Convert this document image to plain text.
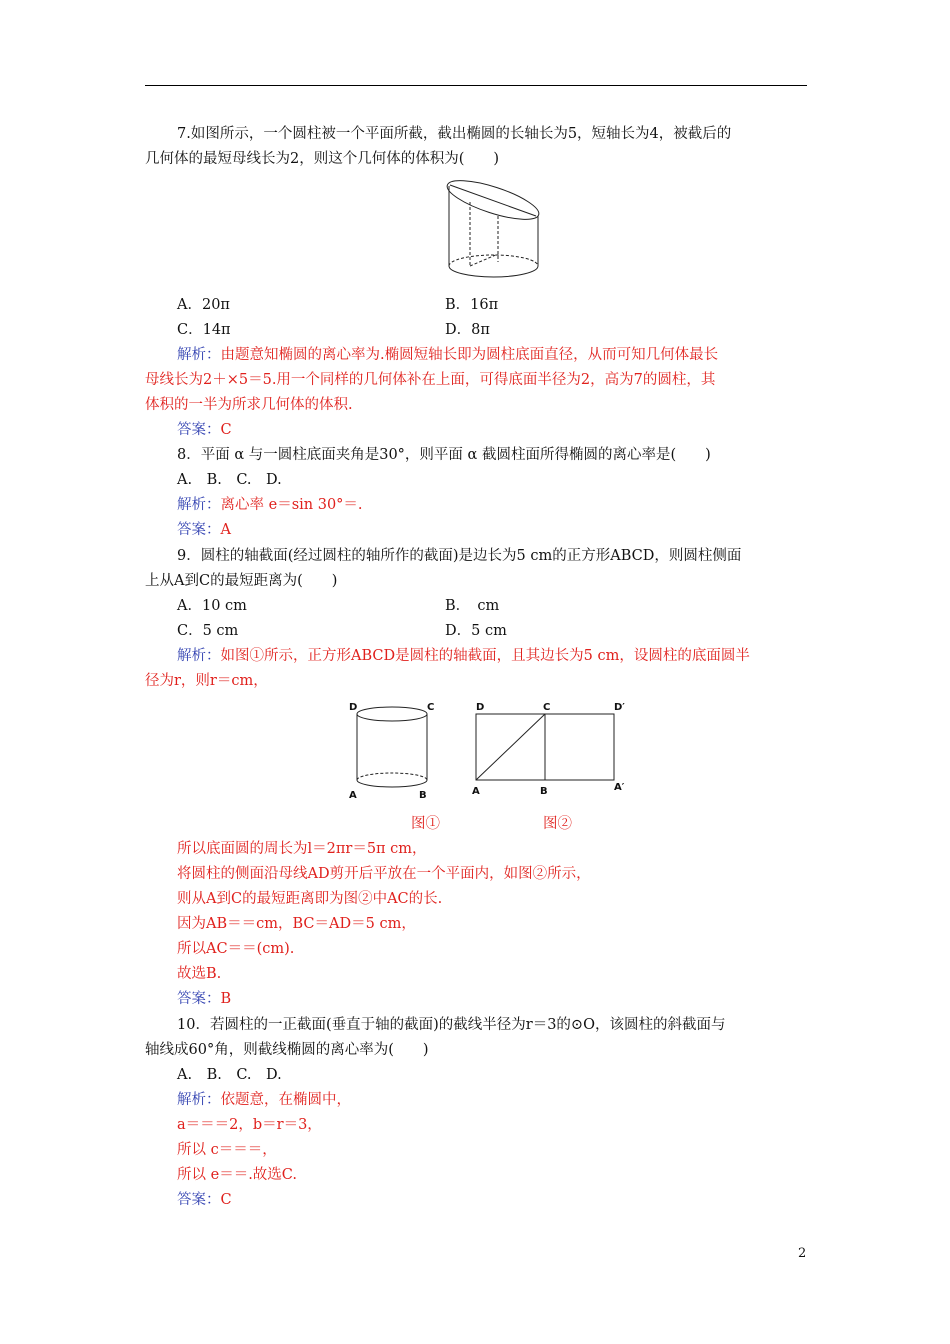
7.如图所示，一个圆柱被一个平面所截，截出椭圆的长轴长为5，短轴长为4，被截后的
几何体的最短母线长为2，则这个几何体的体积为(　　)
A．20π	B．16π
C．14π	D．8π
解析：由题意知椭圆的离心率为.椭圆短轴长即为圆柱底面直径，从而可知几何体最长
母线长为2＋×5＝5.用一个同样的几何体补在上面，可得底面半径为2，高为7的圆柱，其
体积的一半为所求几何体的体积.
答案：C
8．平面 α 与一圆柱底面夹角是30°，则平面 α 截圆柱面所得椭圆的离心率是(　　)
A.　B.　C.　D.
解析：离心率 e＝sin 30°＝.
答案：A
9．圆柱的轴截面(经过圆柱的轴所作的截面)是边长为5 cm的正方形ABCD，则圆柱侧面
上从A到C的最短距离为(　　)
A．10 cm	B．　cm
C．5 cm	D．5 cm
解析：如图①所示，正方形ABCD是圆柱的轴截面，且其边长为5 cm，设圆柱的底面圆半
径为r，则r＝cm，
D	C
A	B
D	C	D′
A	B	A′
图①	图②
所以底面圆的周长为l＝2πr＝5π cm，
将圆柱的侧面沿母线AD剪开后平放在一个平面内，如图②所示，
则从A到C的最短距离即为图②中AC的长.
因为AB＝＝cm，BC＝AD＝5 cm，
所以AC＝＝(cm).
故选B.
答案：B
10．若圆柱的一正截面(垂直于轴的截面)的截线半径为r＝3的⊙O，该圆柱的斜截面与
轴线成60°角，则截线椭圆的离心率为(　　)
A.　B.　C.　D.
解析：依题意，在椭圆中，
a＝＝＝2，b＝r＝3，
所以 c＝＝＝，
所以 e＝＝.故选C.
答案：C
2
